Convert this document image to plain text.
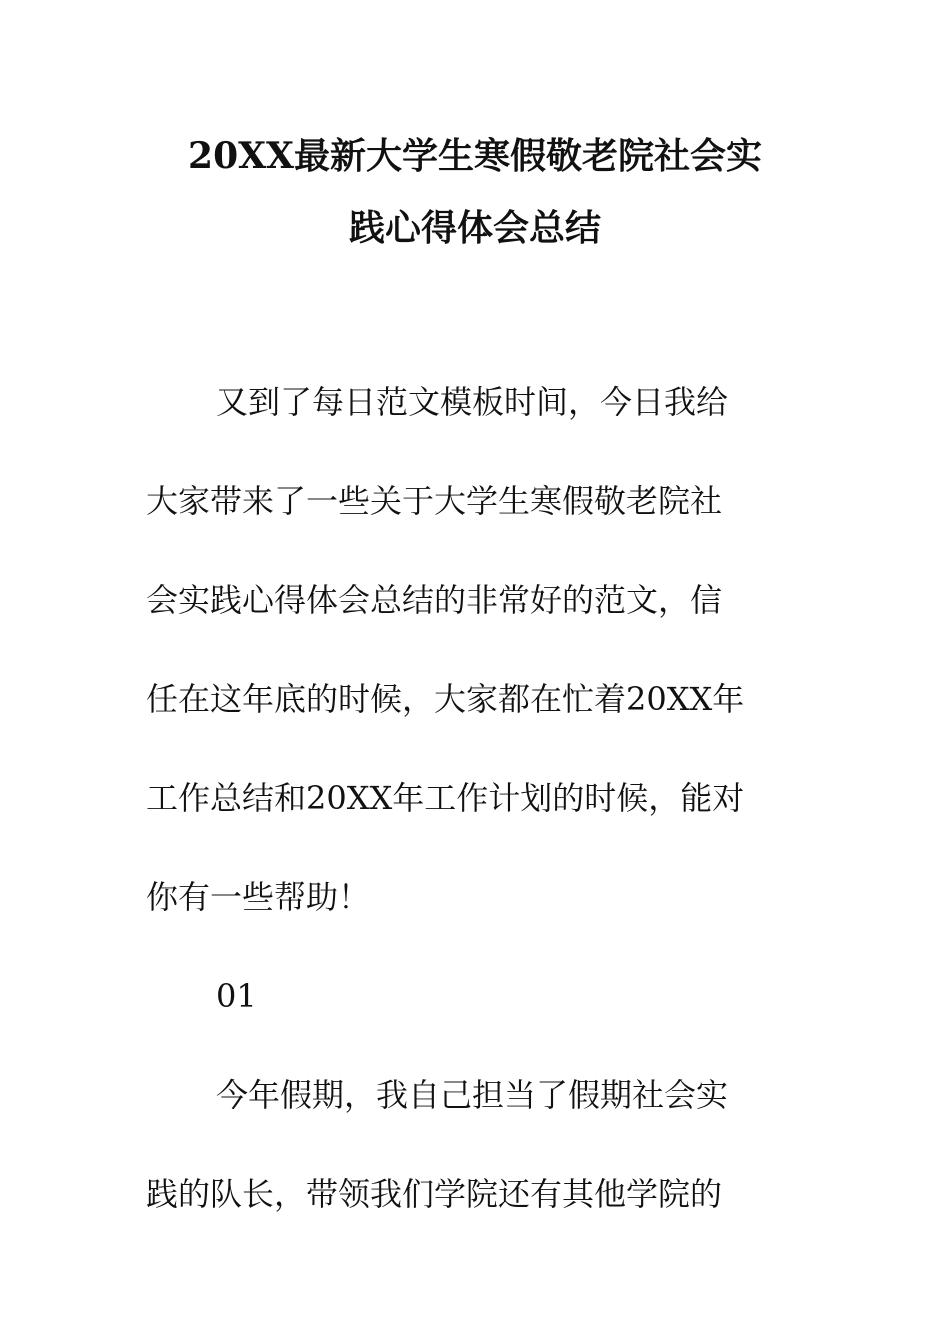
20XX最新大学生寒假敬老院社会实
践心得体会总结
又到了每日范文模板时间，今日我给
大家带来了一些关于大学生寒假敬老院社
会实践心得体会总结的非常好的范文，信
任在这年底的时候，大家都在忙着20XX年
工作总结和20XX年工作计划的时候，能对
你有一些帮助！
01
今年假期，我自己担当了假期社会实
践的队长，带领我们学院还有其他学院的
